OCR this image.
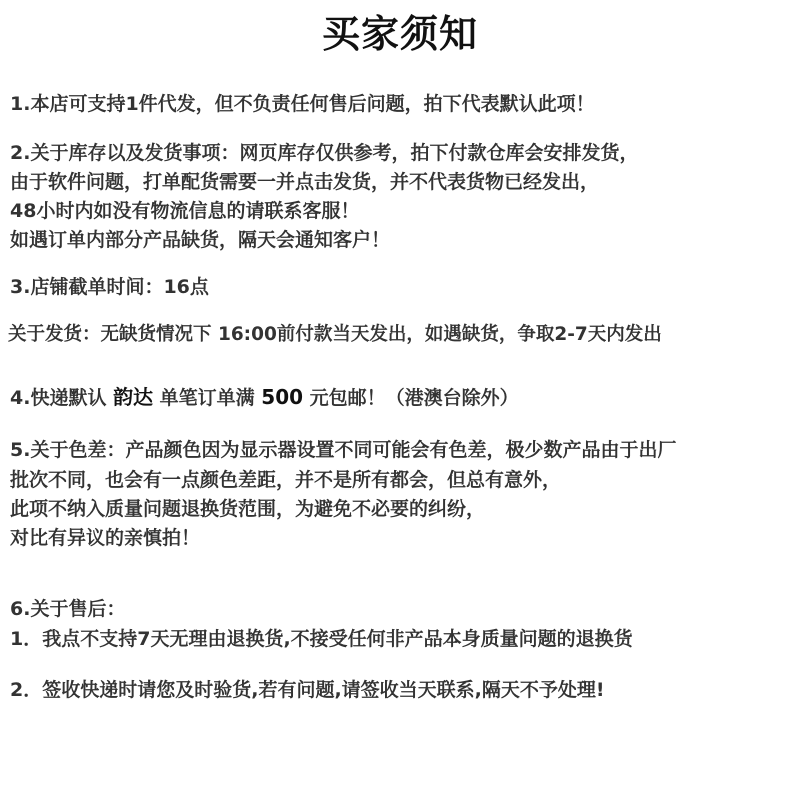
买家须知
1.本店可支持1件代发，但不负责任何售后问题，拍下代表默认此项！
2.关于库存以及发货事项：网页库存仅供参考，拍下付款仓库会安排发货，
由于软件问题，打单配货需要一并点击发货，并不代表货物已经发出，
48小时内如没有物流信息的请联系客服！
如遇订单内部分产品缺货，隔天会通知客户！
3.店铺截单时间：16点
关于发货：无缺货情况下 16:00前付款当天发出，如遇缺货，争取2-7天内发出
4.快递默认 韵达 单笔订单满 500 元包邮！（港澳台除外）
5.关于色差：产品颜色因为显示器设置不同可能会有色差，极少数产品由于出厂
批次不同，也会有一点颜色差距，并不是所有都会，但总有意外，
此项不纳入质量问题退换货范围，为避免不必要的纠纷，
对比有异议的亲慎拍！
6.关于售后：
1．我点不支持7天无理由退换货,不接受任何非产品本身质量问题的退换货
2．签收快递时请您及时验货,若有问题,请签收当天联系,隔天不予处理!
